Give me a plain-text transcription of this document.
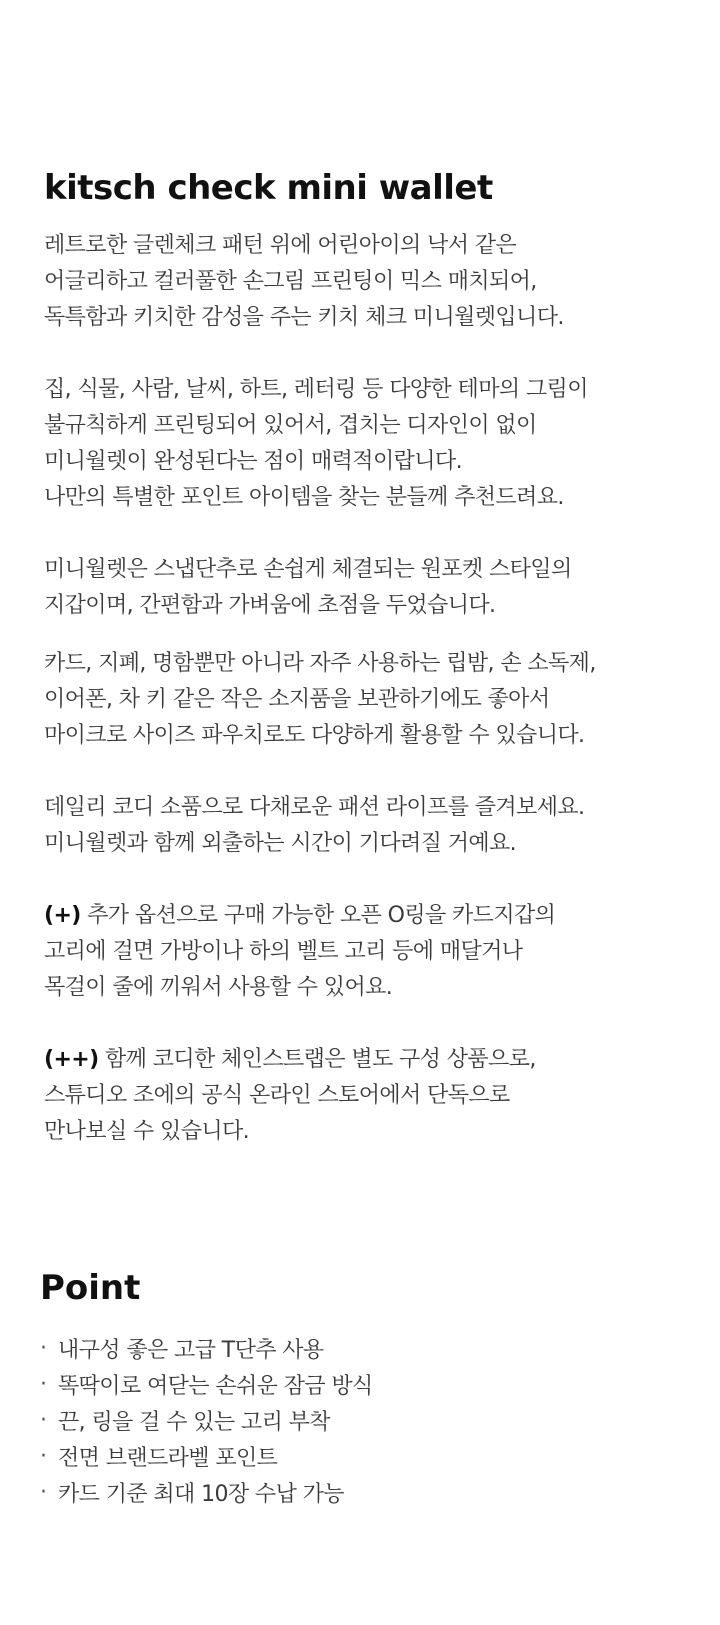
kitsch check mini wallet

레트로한 글렌체크 패턴 위에 어린아이의 낙서 같은
어글리하고 컬러풀한 손그림 프린팅이 믹스 매치되어,
독특함과 키치한 감성을 주는 키치 체크 미니월렛입니다.

집, 식물, 사람, 날씨, 하트, 레터링 등 다양한 테마의 그림이
불규칙하게 프린팅되어 있어서, 겹치는 디자인이 없이
미니월렛이 완성된다는 점이 매력적이랍니다.
나만의 특별한 포인트 아이템을 찾는 분들께 추천드려요.

미니월렛은 스냅단추로 손쉽게 체결되는 원포켓 스타일의
지갑이며, 간편함과 가벼움에 초점을 두었습니다.

카드, 지폐, 명함뿐만 아니라 자주 사용하는 립밤, 손 소독제,
이어폰, 차 키 같은 작은 소지품을 보관하기에도 좋아서
마이크로 사이즈 파우치로도 다양하게 활용할 수 있습니다.

데일리 코디 소품으로 다채로운 패션 라이프를 즐겨보세요.
미니월렛과 함께 외출하는 시간이 기다려질 거예요.

(+) 추가 옵션으로 구매 가능한 오픈 O링을 카드지갑의
고리에 걸면 가방이나 하의 벨트 고리 등에 매달거나
목걸이 줄에 끼워서 사용할 수 있어요.

(++) 함께 코디한 체인스트랩은 별도 구성 상품으로,
스튜디오 조에의 공식 온라인 스토어에서 단독으로
만나보실 수 있습니다.

Point
· 내구성 좋은 고급 T단추 사용
· 똑딱이로 여닫는 손쉬운 잠금 방식
· 끈, 링을 걸 수 있는 고리 부착
· 전면 브랜드라벨 포인트
· 카드 기준 최대 10장 수납 가능
